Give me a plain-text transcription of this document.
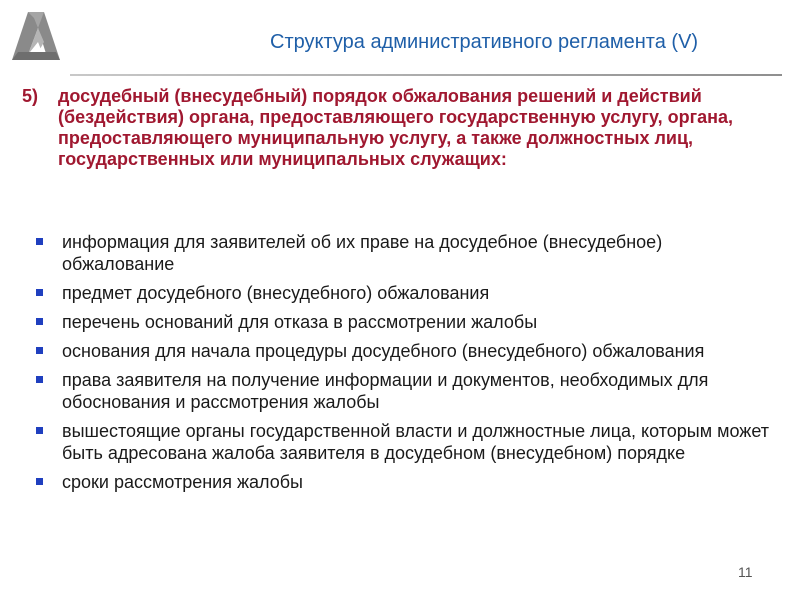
Структура административного регламента (V)
5) досудебный (внесудебный) порядок обжалования решений и действий (бездействия) органа, предоставляющего государственную услугу, органа, предоставляющего муниципальную услугу, а также должностных лиц, государственных или муниципальных служащих:
информация для заявителей об их праве на досудебное (внесудебное) обжалование
предмет досудебного (внесудебного) обжалования
перечень оснований для отказа в рассмотрении жалобы
основания для начала процедуры досудебного (внесудебного) обжалования
права заявителя на получение информации и документов, необходимых для обоснования и рассмотрения жалобы
вышестоящие органы государственной власти и должностные лица, которым может быть адресована жалоба заявителя в досудебном (внесудебном) порядке
сроки рассмотрения жалобы
11
